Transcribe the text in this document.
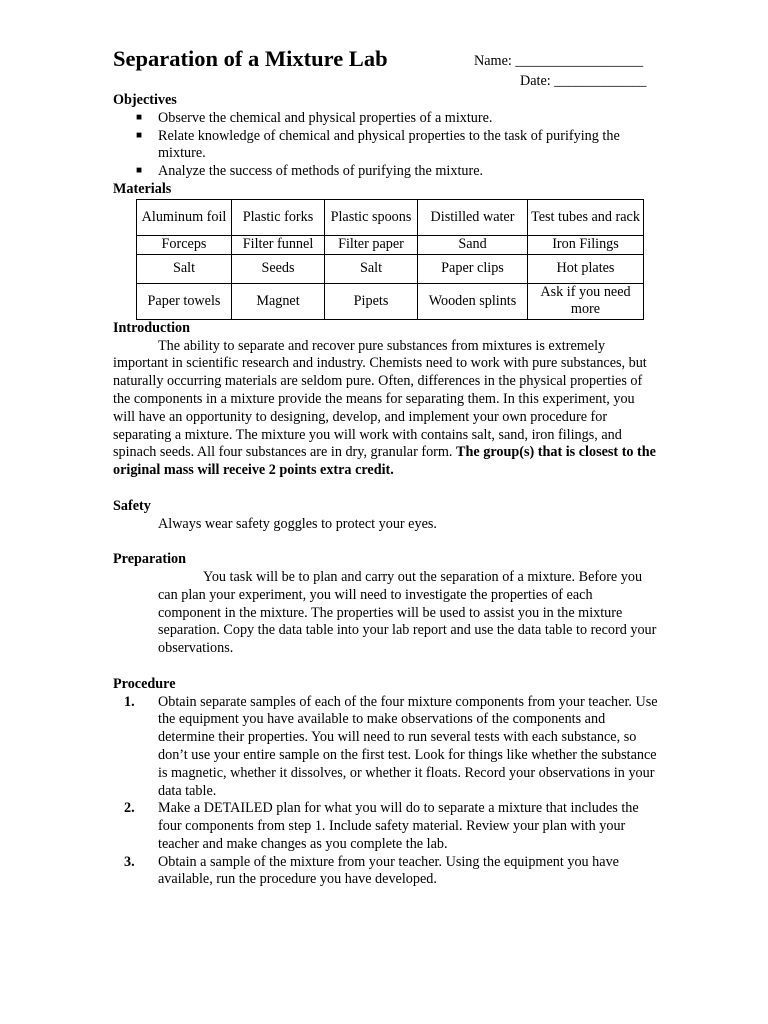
Separation of a Mixture Lab	Name: __________________
Date: _____________
Objectives
■ Observe the chemical and physical properties of a mixture.
■ Relate knowledge of chemical and physical properties to the task of purifying the mixture.
■ Analyze the success of methods of purifying the mixture.
Materials
Aluminum foil	Plastic forks	Plastic spoons	Distilled water	Test tubes and rack
Forceps	Filter funnel	Filter paper	Sand	Iron Filings
Salt	Seeds	Salt	Paper clips	Hot plates
Paper towels	Magnet	Pipets	Wooden splints	Ask if you need more
Introduction

The ability to separate and recover pure substances from mixtures is extremely important in scientific research and industry. Chemists need to work with pure substances, but naturally occurring materials are seldom pure. Often, differences in the physical properties of the components in a mixture provide the means for separating them. In this experiment, you will have an opportunity to designing, develop, and implement your own procedure for separating a mixture. The mixture you will work with contains salt, sand, iron filings, and spinach seeds. All four substances are in dry, granular form. The group(s) that is closest to the original mass will receive 2 points extra credit.

Safety

Always wear safety goggles to protect your eyes.

Preparation

You task will be to plan and carry out the separation of a mixture. Before you can plan your experiment, you will need to investigate the properties of each component in the mixture. The properties will be used to assist you in the mixture separation. Copy the data table into your lab report and use the data table to record your observations.

Procedure
1. Obtain separate samples of each of the four mixture components from your teacher. Use the equipment you have available to make observations of the components and determine their properties. You will need to run several tests with each substance, so don’t use your entire sample on the first test. Look for things like whether the substance is magnetic, whether it dissolves, or whether it floats. Record your observations in your data table.
2. Make a DETAILED plan for what you will do to separate a mixture that includes the four components from step 1. Include safety material. Review your plan with your teacher and make changes as you complete the lab.
3. Obtain a sample of the mixture from your teacher. Using the equipment you have available, run the procedure you have developed.
